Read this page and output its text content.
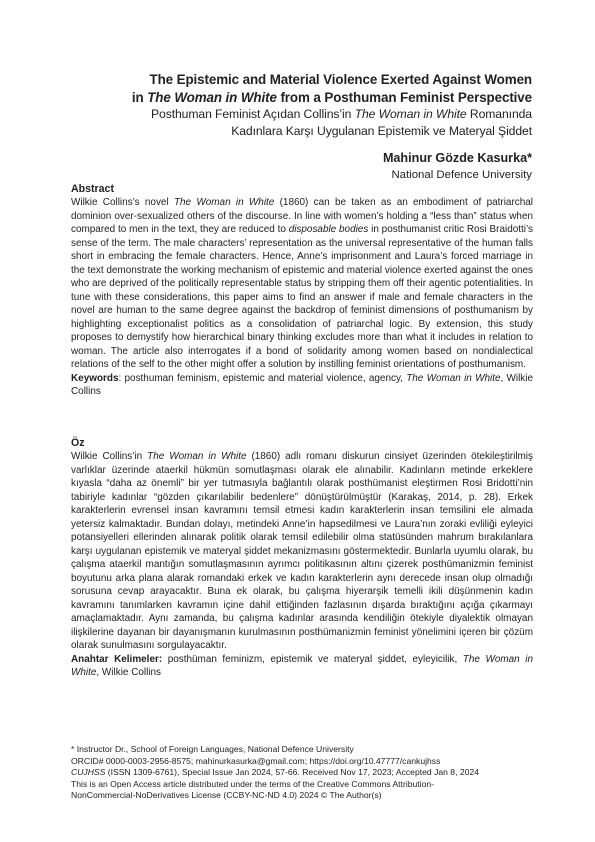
The Epistemic and Material Violence Exerted Against Women
in The Woman in White from a Posthuman Feminist Perspective

Posthuman Feminist Açıdan Collins’in The Woman in White Romanında
Kadınlara Karşı Uygulanan Epistemik ve Materyal Şiddet

Mahinur Gözde Kasurka*
National Defence University
Abstract

Wilkie Collins’s novel The Woman in White (1860) can be taken as an embodiment of patriarchal dominion over-sexualized others of the discourse. In line with women’s holding a “less than” status when compared to men in the text, they are reduced to disposable bodies in posthumanist critic Rosi Braidotti’s sense of the term. The male characters’ representation as the universal representative of the human falls short in embracing the female characters. Hence, Anne’s imprisonment and Laura’s forced marriage in the text demonstrate the working mechanism of epistemic and material violence exerted against the ones who are deprived of the politically representable status by stripping them off their agentic potentialities. In tune with these considerations, this paper aims to find an answer if male and female characters in the novel are human to the same degree against the backdrop of feminist dimensions of posthumanism by highlighting exceptionalist politics as a consolidation of patriarchal logic. By extension, this study proposes to demystify how hierarchical binary thinking excludes more than what it includes in relation to woman. The article also interrogates if a bond of solidarity among women based on nondialectical relations of the self to the other might offer a solution by instilling feminist orientations of posthumanism.

Keywords: posthuman feminism, epistemic and material violence, agency, The Woman in White, Wilkie Collins

Öz

Wilkie Collins’in The Woman in White (1860) adlı romanı diskurun cinsiyet üzerinden ötekileştirilmiş varlıklar üzerinde ataerkil hükmün somutlaşması olarak ele alınabilir. Kadınların metinde erkeklere kıyasla “daha az önemli” bir yer tutmasıyla bağlantılı olarak posthümanist eleştirmen Rosi Bridotti’nin tabiriyle kadınlar “gözden çıkarılabilir bedenlere” dönüştürülmüştür (Karakaş, 2014, p. 28). Erkek karakterlerin evrensel insan kavramını temsil etmesi kadın karakterlerin insan temsilini ele almada yetersiz kalmaktadır. Bundan dolayı, metindeki Anne’in hapsedilmesi ve Laura’nın zoraki evliliği eyleyici potansiyelleri ellerinden alınarak politik olarak temsil edilebilir olma statüsünden mahrum bırakılanlara karşı uygulanan epistemik ve materyal şiddet mekanizmasını göstermektedir. Bunlarla uyumlu olarak, bu çalışma ataerkil mantığın somutlaşmasının ayrımcı politikasının altını çizerek posthümanizmin feminist boyutunu arka plana alarak romandaki erkek ve kadın karakterlerin aynı derecede insan olup olmadığı sorusuna cevap arayacaktır. Buna ek olarak, bu çalışma hiyerarşik temelli ikili düşünmenin kadın kavramını tanımlarken kavramın içine dahil ettiğinden fazlasının dışarda bıraktığını açığa çıkarmayı amaçlamaktadır. Aynı zamanda, bu çalışma kadınlar arasında kendiliğin ötekiyle diyalektik olmayan ilişkilerine dayanan bir dayanışmanın kurulmasının posthümanizmin feminist yönelimini içeren bir çözüm olarak sunulmasını sorgulayacaktır.

Anahtar Kelimeler: posthüman feminizm, epistemik ve materyal şiddet, eyleyicilik, The Woman in White, Wilkie Collins

* Instructor Dr., School of Foreign Languages, National Defence University

ORCID# 0000-0003-2956-8575; mahinurkasurka@gmail.com; https://doi.org/10.47777/cankujhss

CUJHSS (ISSN 1309-6761), Special Issue Jan 2024, 57-66. Received Nov 17, 2023; Accepted Jan 8, 2024

This is an Open Access article distributed under the terms of the Creative Commons Attribution-

NonCommercial-NoDerivatives License (CCBY-NC-ND 4.0) 2024 © The Author(s)
